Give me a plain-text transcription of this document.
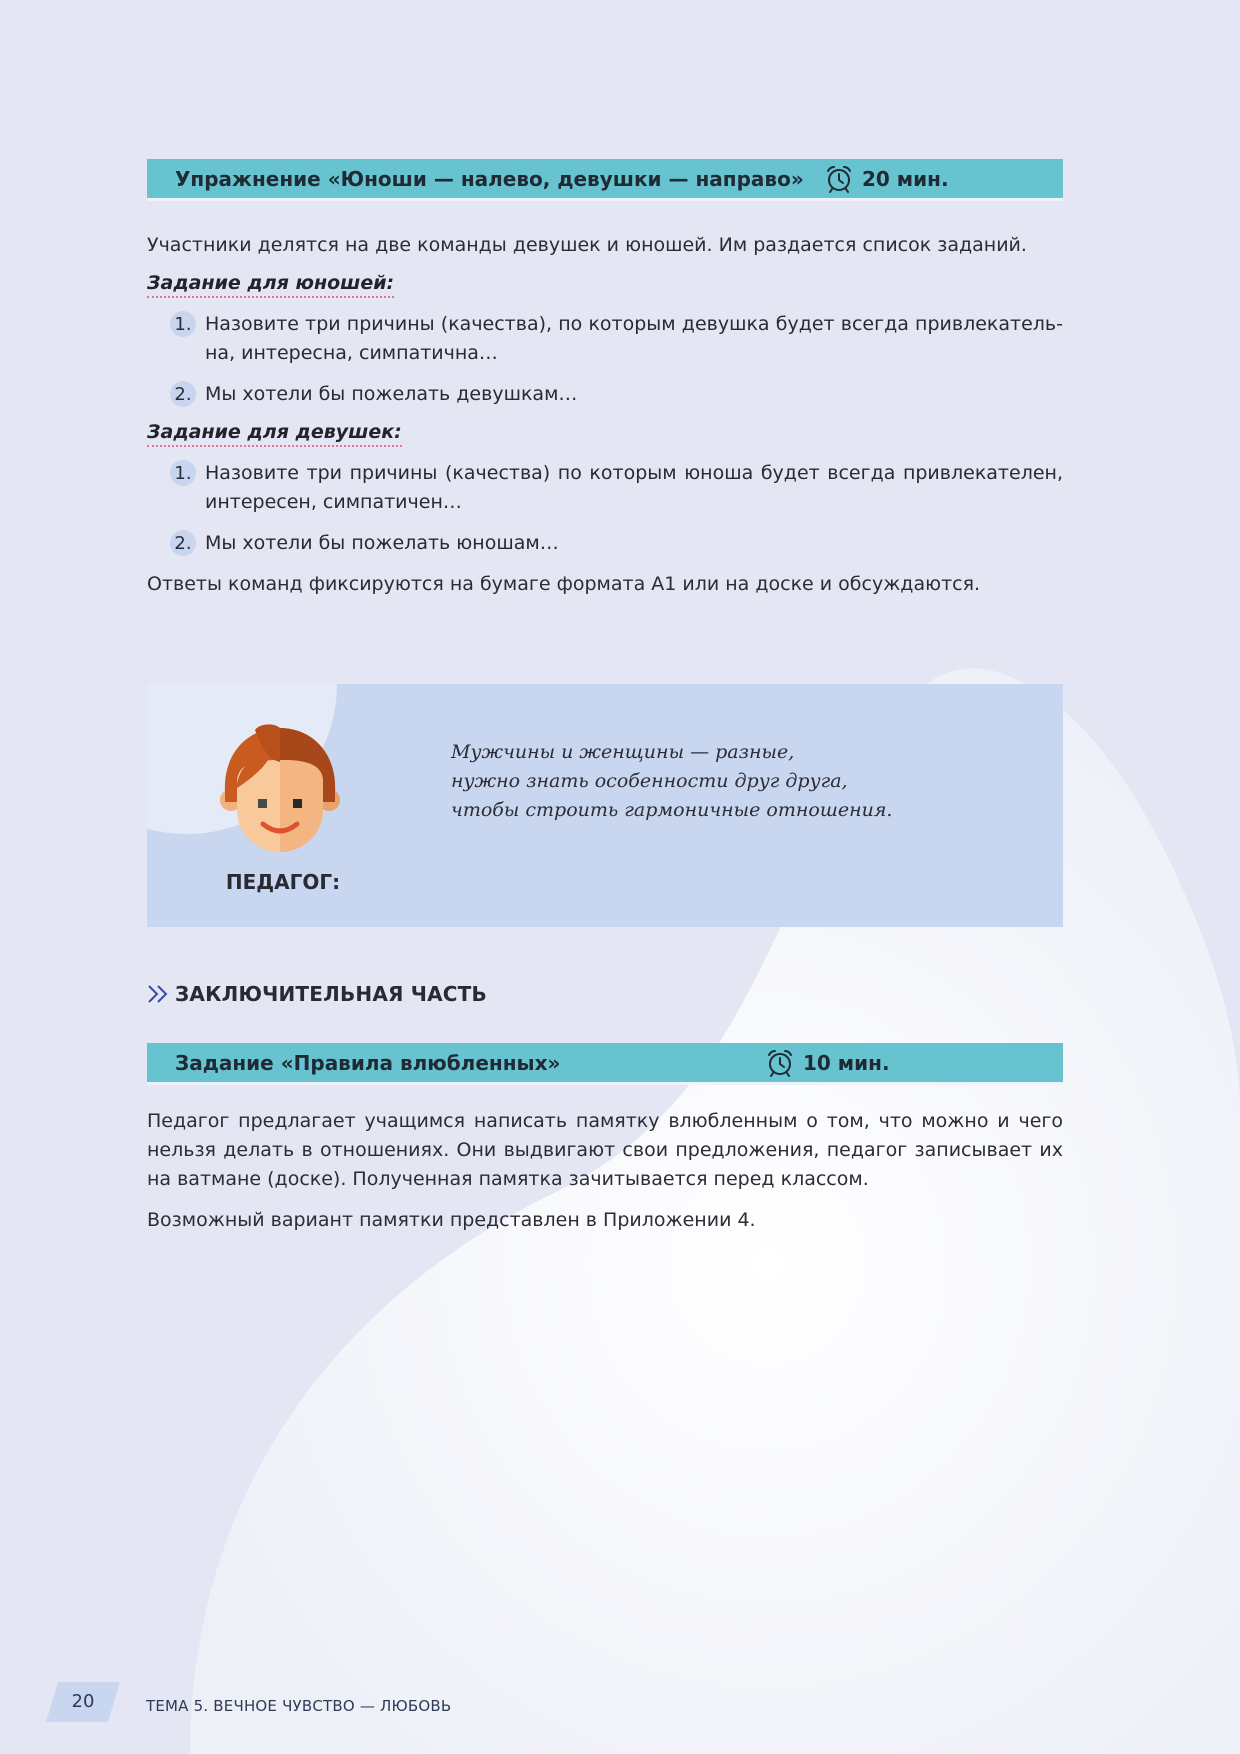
Упражнение «Юноши — налево, девушки — направо»	20 мин.

Участники делятся на две команды девушек и юношей. Им раздается список заданий.

Задание для юношей:
1. Назовите три причины (качества), по которым девушка будет всегда привлекатель-на, интересна, симпатична…
2. Мы хотели бы пожелать девушкам…
Задание для девушек:
1. Назовите три причины (качества) по которым юноша будет всегда привлекателен, интересен, симпатичен…
2. Мы хотели бы пожелать юношам…

Ответы команд фиксируются на бумаге формата А1 или на доске и обсуждаются.

ПЕДАГОГ:
Мужчины и женщины — разные,
нужно знать особенности друг друга,
чтобы строить гармоничные отношения.
ЗАКЛЮЧИТЕЛЬНАЯ ЧАСТЬ
Задание «Правила влюбленных»	10 мин.

Педагог предлагает учащимся написать памятку влюбленным о том, что можно и чего нельзя делать в отношениях. Они выдвигают свои предложения, педагог записывает их на ватмане (доске). Полученная памятка зачитывается перед классом.

Возможный вариант памятки представлен в Приложении 4.

20	ТЕМА 5. ВЕЧНОЕ ЧУВСТВО — ЛЮБОВЬ
